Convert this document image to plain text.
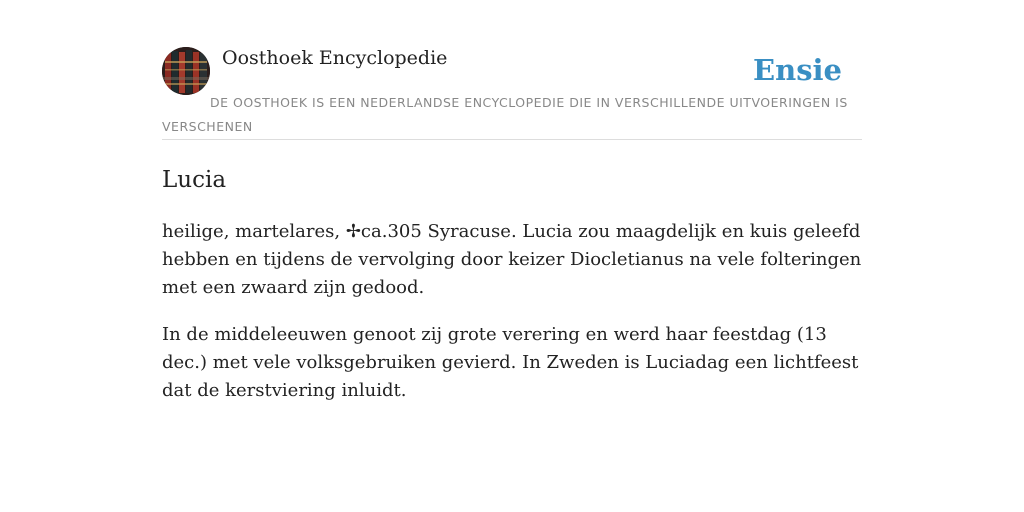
Oosthoek Encyclopedie	Ensie
DE OOSTHOEK IS EEN NEDERLANDSE ENCYCLOPEDIE DIE IN VERSCHILLENDE UITVOERINGEN IS VERSCHENEN
Lucia

heilige, martelares, ✢ca.305 Syracuse. Lucia zou maagdelijk en kuis geleefd hebben en tijdens de vervolging door keizer Diocletianus na vele folteringen met een zwaard zijn gedood.

In de middeleeuwen genoot zij grote verering en werd haar feestdag (13 dec.) met vele volksgebruiken gevierd. In Zweden is Luciadag een lichtfeest dat de kerstviering inluidt.
